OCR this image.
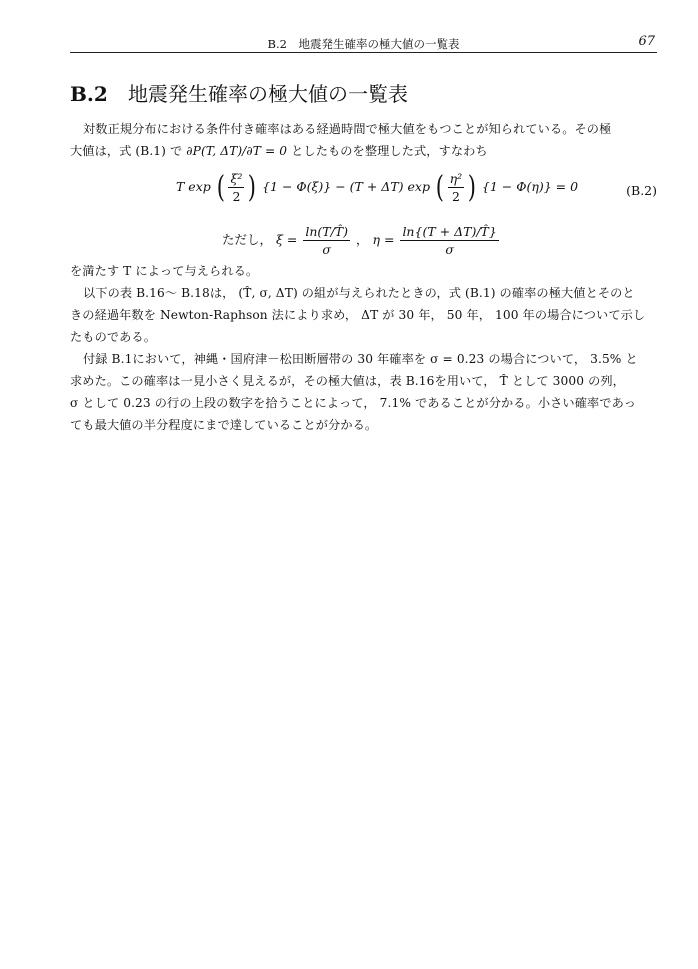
B.2　地震発生確率の極大値の一覧表	67
B.2 地震発生確率の極大値の一覧表
対数正規分布における条件付き確率はある経過時間で極大値をもつことが知られている。その極
大値は，式 (B.1) で ∂P(T, ΔT)/∂T = 0 としたものを整理した式，すなわち
T exp ( $\frac{\text{ξ²}}{2}$ ) {1 − Φ(ξ)} − (T + ΔT) exp ( $\frac{\text{η²}}{2}$ ) {1 − Φ(η)} = 0	(B.2)
ただし， $\xi = \frac{\ln(T/T̂)}{\sigma}$ ， $\eta = \frac{\ln\{(T + \Delta T)/T̂\}}{\sigma}$
を満たす T によって与えられる。
以下の表 B.16〜 B.18は， (T̂, σ, ΔT) の組が与えられたときの，式 (B.1) の確率の極大値とそのと
きの経過年数を Newton-Raphson 法により求め， ΔT が 30 年， 50 年， 100 年の場合について示し
たものである。
付録 B.1において，神縄・国府津－松田断層帯の 30 年確率を σ = 0.23 の場合について， 3.5% と
求めた。この確率は一見小さく見えるが，その極大値は，表 B.16を用いて， T̂ として 3000 の列，
σ として 0.23 の行の上段の数字を拾うことによって， 7.1% であることが分かる。小さい確率であっ
ても最大値の半分程度にまで達していることが分かる。
